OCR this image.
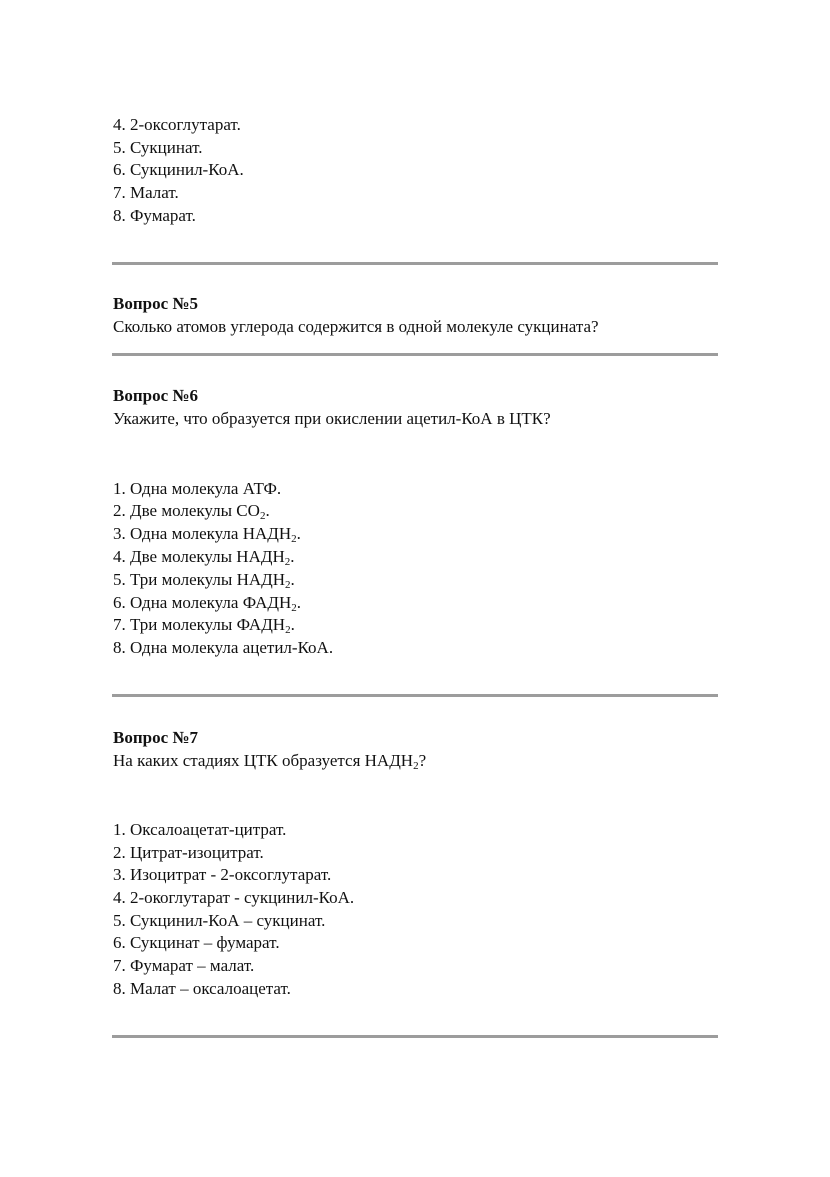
4. 2-оксоглутарат.
5. Сукцинат.
6. Сукцинил-КоА.
7. Малат.
8. Фумарат.
Вопрос №5
Сколько атомов углерода содержится в одной молекуле сукцината?
Вопрос №6
Укажите, что образуется при окислении ацетил-КоА в ЦТК?
1. Одна молекула АТФ.
2. Две молекулы $СО_2$.
3. Одна молекула $НАДН_2$.
4. Две молекулы $НАДН_2$.
5. Три молекулы $НАДН_2$.
6. Одна молекула $ФАДН_2$.
7. Три молекулы $ФАДН_2$.
8. Одна молекула ацетил-КоА.
Вопрос №7
На каких стадиях ЦТК образуется $НАДН_2$?
1. Оксалоацетат-цитрат.
2. Цитрат-изоцитрат.
3. Изоцитрат - 2-оксоглутарат.
4. 2-окоглутарат - сукцинил-КоА.
5. Сукцинил-КоА – сукцинат.
6. Сукцинат – фумарат.
7. Фумарат – малат.
8. Малат – оксалоацетат.
